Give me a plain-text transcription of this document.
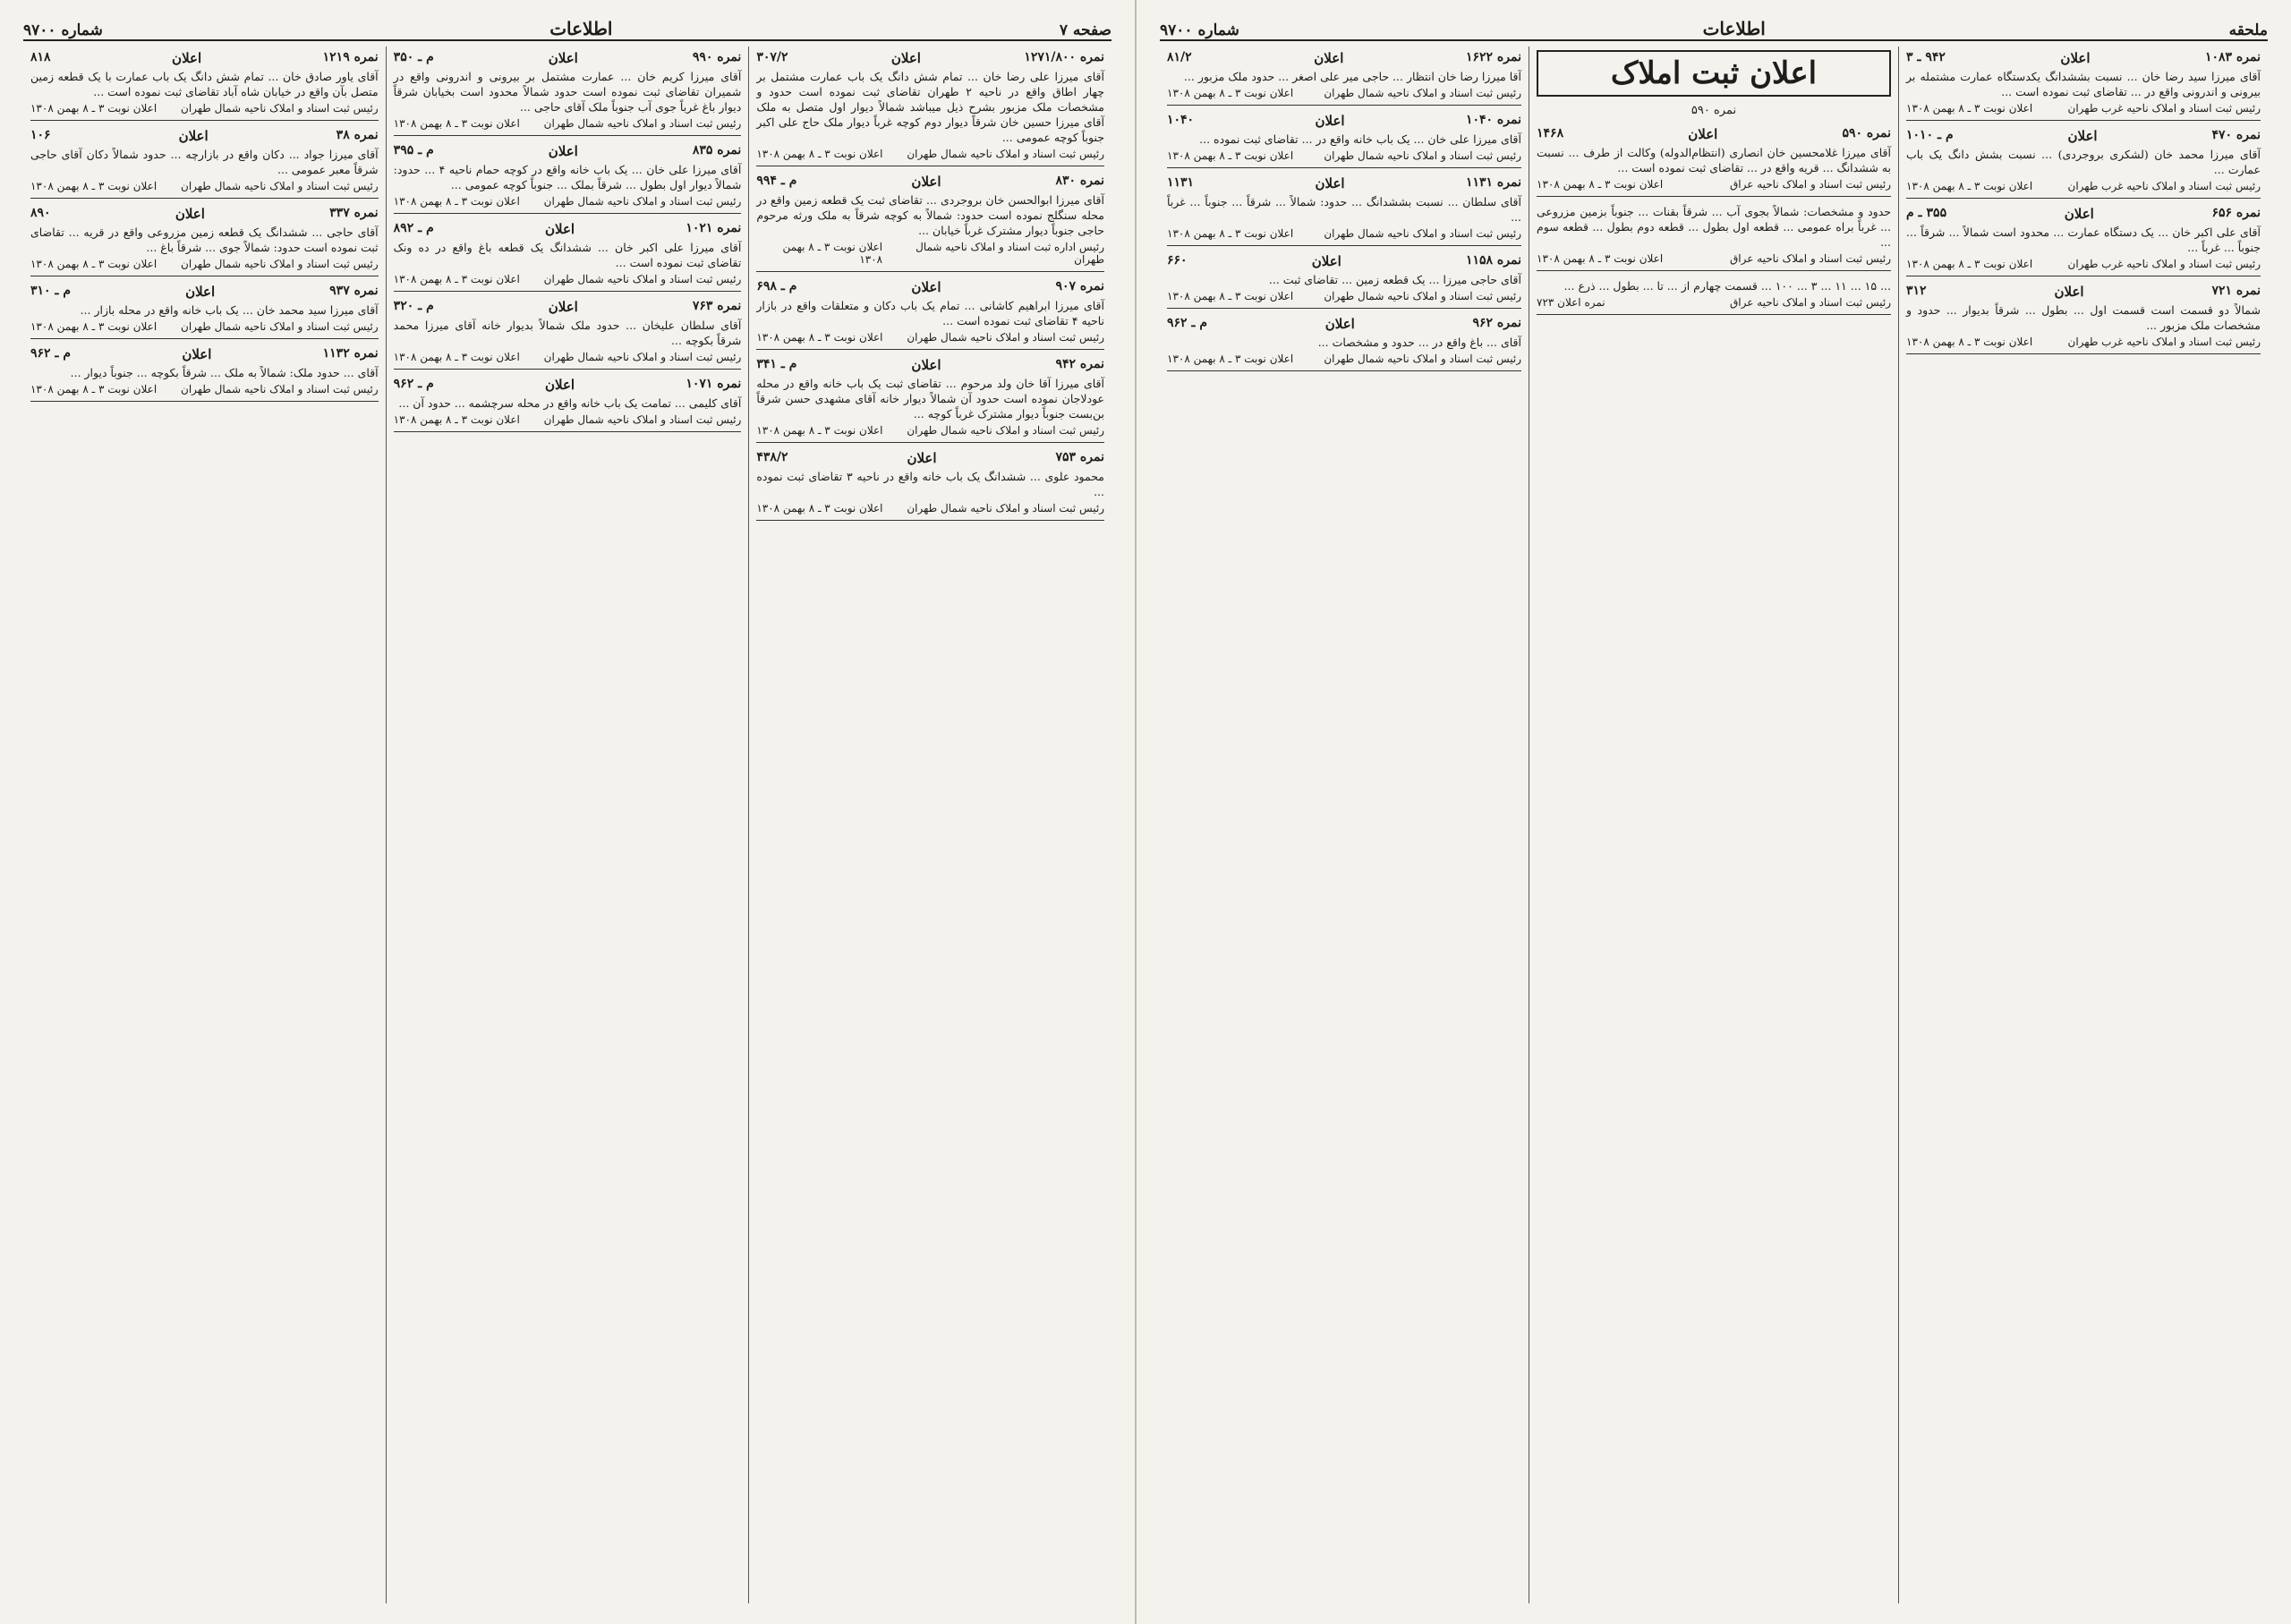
صفحه ۷
اطلاعات
شماره ۹۷۰۰
نمره ۱۲۷۱/۸۰۰
اعلان
۳۰۷/۲
آقای میرزا علی رضا خان ... تمام شش دانگ یک باب عمارت مشتمل بر چهار اطاق واقع در ناحیه ۲ طهران تقاضای ثبت نموده است حدود و مشخصات ملک مزبور بشرح ذیل میباشد شمالاً دیوار اول متصل به ملک آقای میرزا حسین خان شرقاً دیوار دوم کوچه غرباً دیوار ملک حاج علی اکبر جنوباً کوچه عمومی ...
رئیس ثبت اسناد و املاک ناحیه شمال طهران
اعلان نوبت ۳ ـ ۸ بهمن ۱۳۰۸
نمره ۸۳۰
اعلان
م ـ ۹۹۴
آقای میرزا ابوالحسن خان بروجردی ... تقاضای ثبت یک قطعه زمین واقع در محله سنگلج نموده است حدود: شمالاً به کوچه شرقاً به ملک ورثه مرحوم حاجی جنوباً دیوار مشترک غرباً خیابان ...
رئیس اداره ثبت اسناد و املاک ناحیه شمال طهران
اعلان نوبت ۳ ـ ۸ بهمن ۱۳۰۸
نمره ۹۰۷
اعلان
م ـ ۶۹۸
آقای میرزا ابراهیم کاشانی ... تمام یک باب دکان و متعلقات واقع در بازار ناحیه ۴ تقاضای ثبت نموده است ...
رئیس ثبت اسناد و املاک ناحیه شمال طهران
اعلان نوبت ۳ ـ ۸ بهمن ۱۳۰۸
نمره ۹۴۲
اعلان
م ـ ۳۴۱
آقای میرزا آقا خان ولد مرحوم ... تقاضای ثبت یک باب خانه واقع در محله عودلاجان نموده است حدود آن شمالاً دیوار خانه آقای مشهدی حسن شرقاً بن‌بست جنوباً دیوار مشترک غرباً کوچه ...
رئیس ثبت اسناد و املاک ناحیه شمال طهران
اعلان نوبت ۳ ـ ۸ بهمن ۱۳۰۸
نمره ۷۵۳
اعلان
۴۳۸/۲
محمود علوی ... ششدانگ یک باب خانه واقع در ناحیه ۳ تقاضای ثبت نموده ...
رئیس ثبت اسناد و املاک ناحیه شمال طهران
اعلان نوبت ۳ ـ ۸ بهمن ۱۳۰۸
نمره ۹۹۰
اعلان
م ـ ۳۵۰
آقای میرزا کریم خان ... عمارت مشتمل بر بیرونی و اندرونی واقع در شمیران تقاضای ثبت نموده است حدود شمالاً محدود است بخیابان شرقاً دیوار باغ غرباً جوی آب جنوباً ملک آقای حاجی ...
رئیس ثبت اسناد و املاک ناحیه شمال طهران
اعلان نوبت ۳ ـ ۸ بهمن ۱۳۰۸
نمره ۸۳۵
اعلان
م ـ ۳۹۵
آقای میرزا علی خان ... یک باب خانه واقع در کوچه حمام ناحیه ۴ ... حدود: شمالاً دیوار اول بطول ... شرقاً بملک ... جنوباً کوچه عمومی ...
رئیس ثبت اسناد و املاک ناحیه شمال طهران
اعلان نوبت ۳ ـ ۸ بهمن ۱۳۰۸
نمره ۱۰۲۱
اعلان
م ـ ۸۹۲
آقای میرزا علی اکبر خان ... ششدانگ یک قطعه باغ واقع در ده ونک تقاضای ثبت نموده است ...
رئیس ثبت اسناد و املاک ناحیه شمال طهران
اعلان نوبت ۳ ـ ۸ بهمن ۱۳۰۸
نمره ۷۶۳
اعلان
م ـ ۳۲۰
آقای سلطان علیخان ... حدود ملک شمالاً بدیوار خانه آقای میرزا محمد شرقاً بکوچه ...
رئیس ثبت اسناد و املاک ناحیه شمال طهران
اعلان نوبت ۳ ـ ۸ بهمن ۱۳۰۸
نمره ۱۰۷۱
اعلان
م ـ ۹۶۲
آقای کلیمی ... تمامت یک باب خانه واقع در محله سرچشمه ... حدود آن ...
رئیس ثبت اسناد و املاک ناحیه شمال طهران
اعلان نوبت ۳ ـ ۸ بهمن ۱۳۰۸
نمره ۱۲۱۹
اعلان
۸۱۸
آقای یاور صادق خان ... تمام شش دانگ یک باب عمارت با یک قطعه زمین متصل بآن واقع در خیابان شاه آباد تقاضای ثبت نموده است ...
رئیس ثبت اسناد و املاک ناحیه شمال طهران
اعلان نوبت ۳ ـ ۸ بهمن ۱۳۰۸
نمره ۳۸
اعلان
۱۰۶
آقای میرزا جواد ... دکان واقع در بازارچه ... حدود شمالاً دکان آقای حاجی شرقاً معبر عمومی ...
رئیس ثبت اسناد و املاک ناحیه شمال طهران
اعلان نوبت ۳ ـ ۸ بهمن ۱۳۰۸
نمره ۳۳۷
اعلان
۸۹۰
آقای حاجی ... ششدانگ یک قطعه زمین مزروعی واقع در قریه ... تقاضای ثبت نموده است حدود: شمالاً جوی ... شرقاً باغ ...
رئیس ثبت اسناد و املاک ناحیه شمال طهران
اعلان نوبت ۳ ـ ۸ بهمن ۱۳۰۸
نمره ۹۳۷
اعلان
م ـ ۳۱۰
آقای میرزا سید محمد خان ... یک باب خانه واقع در محله بازار ...
رئیس ثبت اسناد و املاک ناحیه شمال طهران
اعلان نوبت ۳ ـ ۸ بهمن ۱۳۰۸
نمره ۱۱۳۲
اعلان
م ـ ۹۶۲
آقای ... حدود ملک: شمالاً به ملک ... شرقاً بکوچه ... جنوباً دیوار ...
رئیس ثبت اسناد و املاک ناحیه شمال طهران
اعلان نوبت ۳ ـ ۸ بهمن ۱۳۰۸
ملحقه
اطلاعات
شماره ۹۷۰۰
نمره ۱۰۸۳
اعلان
۹۴۲ ـ ۳
آقای میرزا سید رضا خان ... نسبت بششدانگ یکدستگاه عمارت مشتمله بر بیرونی و اندرونی واقع در ... تقاضای ثبت نموده است ...
رئیس ثبت اسناد و املاک ناحیه غرب طهران
اعلان نوبت ۳ ـ ۸ بهمن ۱۳۰۸
نمره ۴۷۰
اعلان
م ـ ۱۰۱۰
آقای میرزا محمد خان (لشکری بروجردی) ... نسبت بشش دانگ یک باب عمارت ...
رئیس ثبت اسناد و املاک ناحیه غرب طهران
اعلان نوبت ۳ ـ ۸ بهمن ۱۳۰۸
نمره ۶۵۶
اعلان
۳۵۵ ـ م
آقای علی اکبر خان ... یک دستگاه عمارت ... محدود است شمالاً ... شرقاً ... جنوباً ... غرباً ...
رئیس ثبت اسناد و املاک ناحیه غرب طهران
اعلان نوبت ۳ ـ ۸ بهمن ۱۳۰۸
نمره ۷۲۱
اعلان
۳۱۲
شمالاً دو قسمت است قسمت اول ... بطول ... شرقاً بدیوار ... حدود و مشخصات ملک مزبور ...
رئیس ثبت اسناد و املاک ناحیه غرب طهران
اعلان نوبت ۳ ـ ۸ بهمن ۱۳۰۸
اعلان ثبت املاک
نمره ۵۹۰
نمره ۵۹۰
اعلان
۱۴۶۸
آقای میرزا غلامحسین خان انصاری (انتظام‌الدوله) وکالت از طرف ... نسبت به ششدانگ ... قریه واقع در ... تقاضای ثبت نموده است ...
رئیس ثبت اسناد و املاک ناحیه عراق
اعلان نوبت ۳ ـ ۸ بهمن ۱۳۰۸
حدود و مشخصات: شمالاً بجوی آب ... شرقاً بقنات ... جنوباً بزمین مزروعی ... غرباً براه عمومی ... قطعه اول بطول ... قطعه دوم بطول ... قطعه سوم ...
رئیس ثبت اسناد و املاک ناحیه عراق
اعلان نوبت ۳ ـ ۸ بهمن ۱۳۰۸
... ۱۵ ... ۱۱ ... ۳ ... ۱۰۰ ... قسمت چهارم از ... تا ... بطول ... ذرع ...
رئیس ثبت اسناد و املاک ناحیه عراق
نمره اعلان ۷۲۳
نمره ۱۶۲۲
اعلان
۸۱/۲
آقا میرزا رضا خان انتظار ... حاجی میر علی اصغر ... حدود ملک مزبور ...
رئیس ثبت اسناد و املاک ناحیه شمال طهران
اعلان نوبت ۳ ـ ۸ بهمن ۱۳۰۸
نمره ۱۰۴۰
اعلان
۱۰۴۰
آقای میرزا علی خان ... یک باب خانه واقع در ... تقاضای ثبت نموده ...
رئیس ثبت اسناد و املاک ناحیه شمال طهران
اعلان نوبت ۳ ـ ۸ بهمن ۱۳۰۸
نمره ۱۱۳۱
اعلان
۱۱۳۱
آقای سلطان ... نسبت بششدانگ ... حدود: شمالاً ... شرقاً ... جنوباً ... غرباً ...
رئیس ثبت اسناد و املاک ناحیه شمال طهران
اعلان نوبت ۳ ـ ۸ بهمن ۱۳۰۸
نمره ۱۱۵۸
اعلان
۶۶۰
آقای حاجی میرزا ... یک قطعه زمین ... تقاضای ثبت ...
رئیس ثبت اسناد و املاک ناحیه شمال طهران
اعلان نوبت ۳ ـ ۸ بهمن ۱۳۰۸
نمره ۹۶۲
اعلان
م ـ ۹۶۲
آقای ... باغ واقع در ... حدود و مشخصات ...
رئیس ثبت اسناد و املاک ناحیه شمال طهران
اعلان نوبت ۳ ـ ۸ بهمن ۱۳۰۸
